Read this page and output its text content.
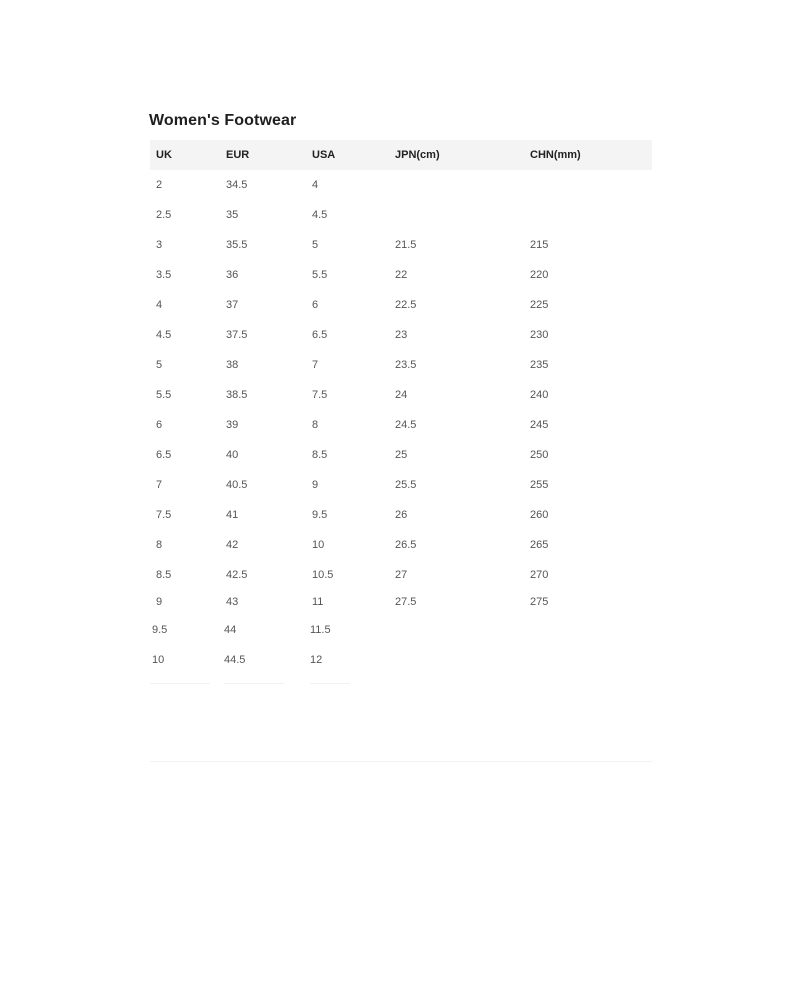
Women's Footwear
UK	EUR	USA	JPN(cm)	CHN(mm)
2	34.5	4
2.5	35	4.5
3	35.5	5	21.5	215
3.5	36	5.5	22	220
4	37	6	22.5	225
4.5	37.5	6.5	23	230
5	38	7	23.5	235
5.5	38.5	7.5	24	240
6	39	8	24.5	245
6.5	40	8.5	25	250
7	40.5	9	25.5	255
7.5	41	9.5	26	260
8	42	10	26.5	265
8.5	42.5	10.5	27	270
9	43	11	27.5	275
9.5	44	11.5
10	44.5	12
